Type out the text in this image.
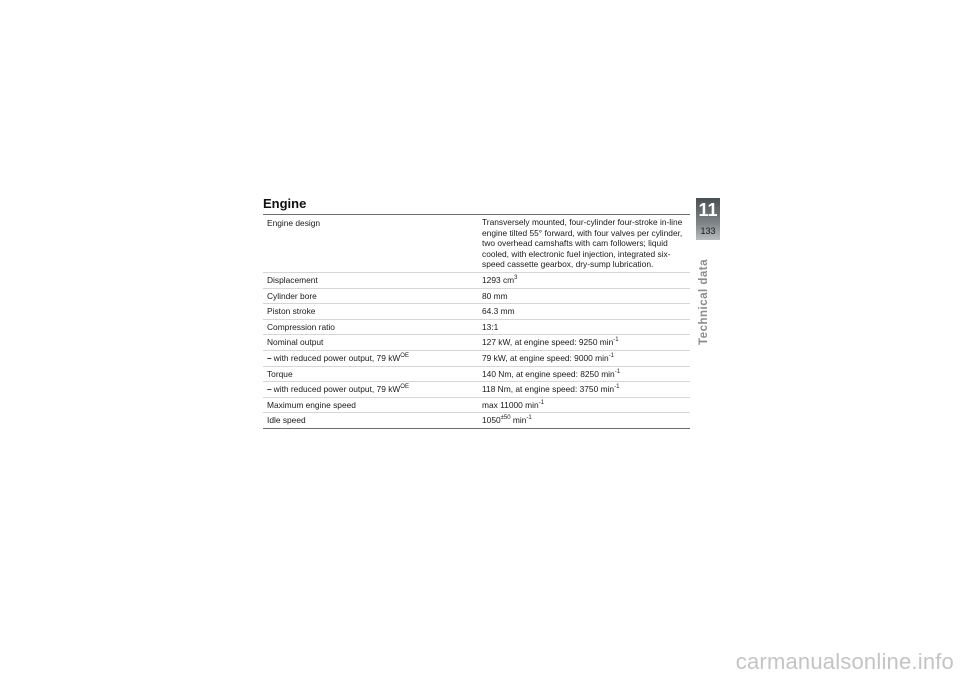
Engine
Engine design	Transversely mounted, four-cylinder four-stroke in-line engine tilted 55° forward, with four valves per cylinder, two overhead camshafts with cam followers; liquid cooled, with electronic fuel injection, integrated six-speed cassette gearbox, dry-sump lubrication.
Displacement	1293 $cm^3$
Cylinder bore	80 mm
Piston stroke	64.3 mm
Compression ratio	13:1
Nominal output	127 kW, at engine speed: 9250 $\min^{-1}$
– with reduced power output, 79 $kW^{OE}$	79 kW, at engine speed: 9000 $\min^{-1}$
Torque	140 Nm, at engine speed: 8250 $\min^{-1}$
– with reduced power output, 79 $kW^{OE}$	118 Nm, at engine speed: 3750 $\min^{-1}$
Maximum engine speed	max 11000 $\min^{-1}$
Idle speed	$1050^{\pm 50}$ $\min^{-1}$
11
133
Technical data
carmanualsonline.info
